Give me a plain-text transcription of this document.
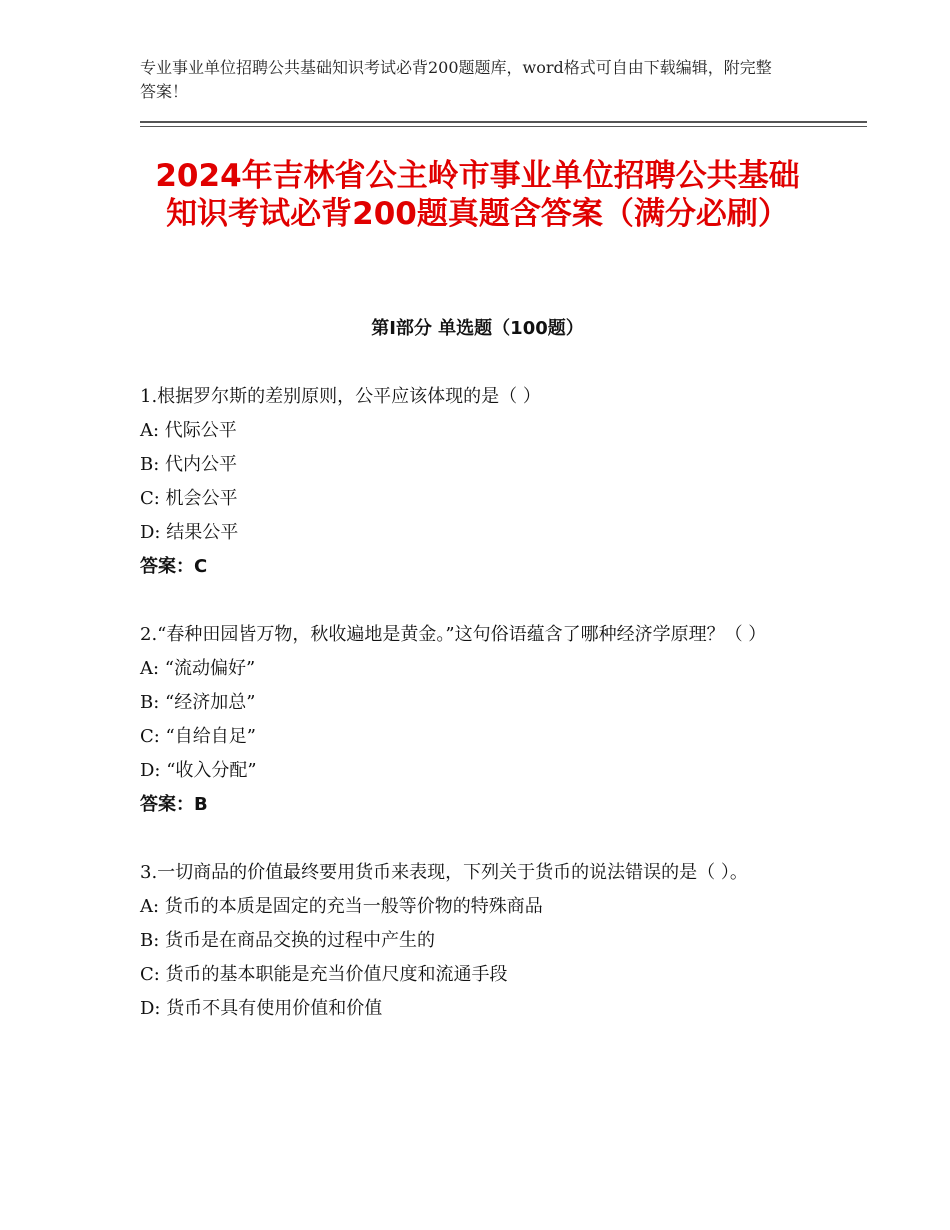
专业事业单位招聘公共基础知识考试必背200题题库，word格式可自由下载编辑，附完整答案！
2024年吉林省公主岭市事业单位招聘公共基础知识考试必背200题真题含答案（满分必刷）
第Ⅰ部分 单选题（100题）

1.根据罗尔斯的差别原则，公平应该体现的是（ ）

A: 代际公平
B: 代内公平
C: 机会公平
D: 结果公平
答案：C

2.“春种田园皆万物，秋收遍地是黄金。”这句俗语蕴含了哪种经济学原理？（ ）

A: “流动偏好”
B: “经济加总”
C: “自给自足”
D: “收入分配”
答案：B

3.一切商品的价值最终要用货币来表现，下列关于货币的说法错误的是（ ）。

A: 货币的本质是固定的充当一般等价物的特殊商品
B: 货币是在商品交换的过程中产生的
C: 货币的基本职能是充当价值尺度和流通手段
D: 货币不具有使用价值和价值
